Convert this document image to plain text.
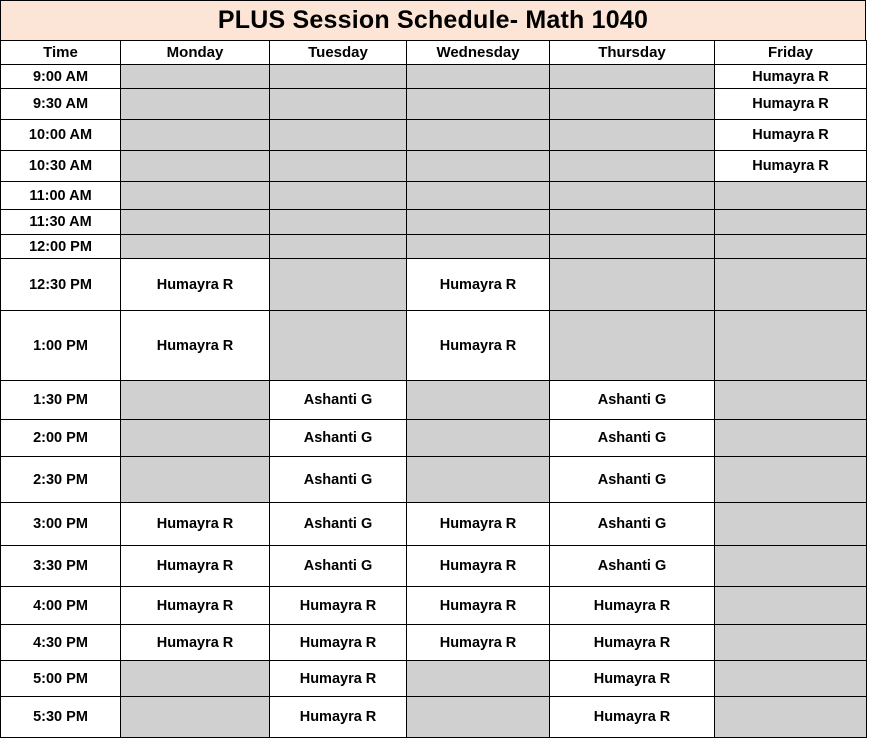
PLUS Session Schedule- Math 1040
Time	Monday	Tuesday	Wednesday	Thursday	Friday
9:00 AM					Humayra R
9:30 AM					Humayra R
10:00 AM					Humayra R
10:30 AM					Humayra R
11:00 AM					
11:30 AM					
12:00 PM					
12:30 PM	Humayra R		Humayra R		
1:00 PM	Humayra R		Humayra R		
1:30 PM		Ashanti G		Ashanti G	
2:00 PM		Ashanti G		Ashanti G	
2:30 PM		Ashanti G		Ashanti G	
3:00 PM	Humayra R	Ashanti G	Humayra R	Ashanti G	
3:30 PM	Humayra R	Ashanti G	Humayra R	Ashanti G	
4:00 PM	Humayra R	Humayra R	Humayra R	Humayra R	
4:30 PM	Humayra R	Humayra R	Humayra R	Humayra R	
5:00 PM		Humayra R		Humayra R	
5:30 PM		Humayra R		Humayra R	
